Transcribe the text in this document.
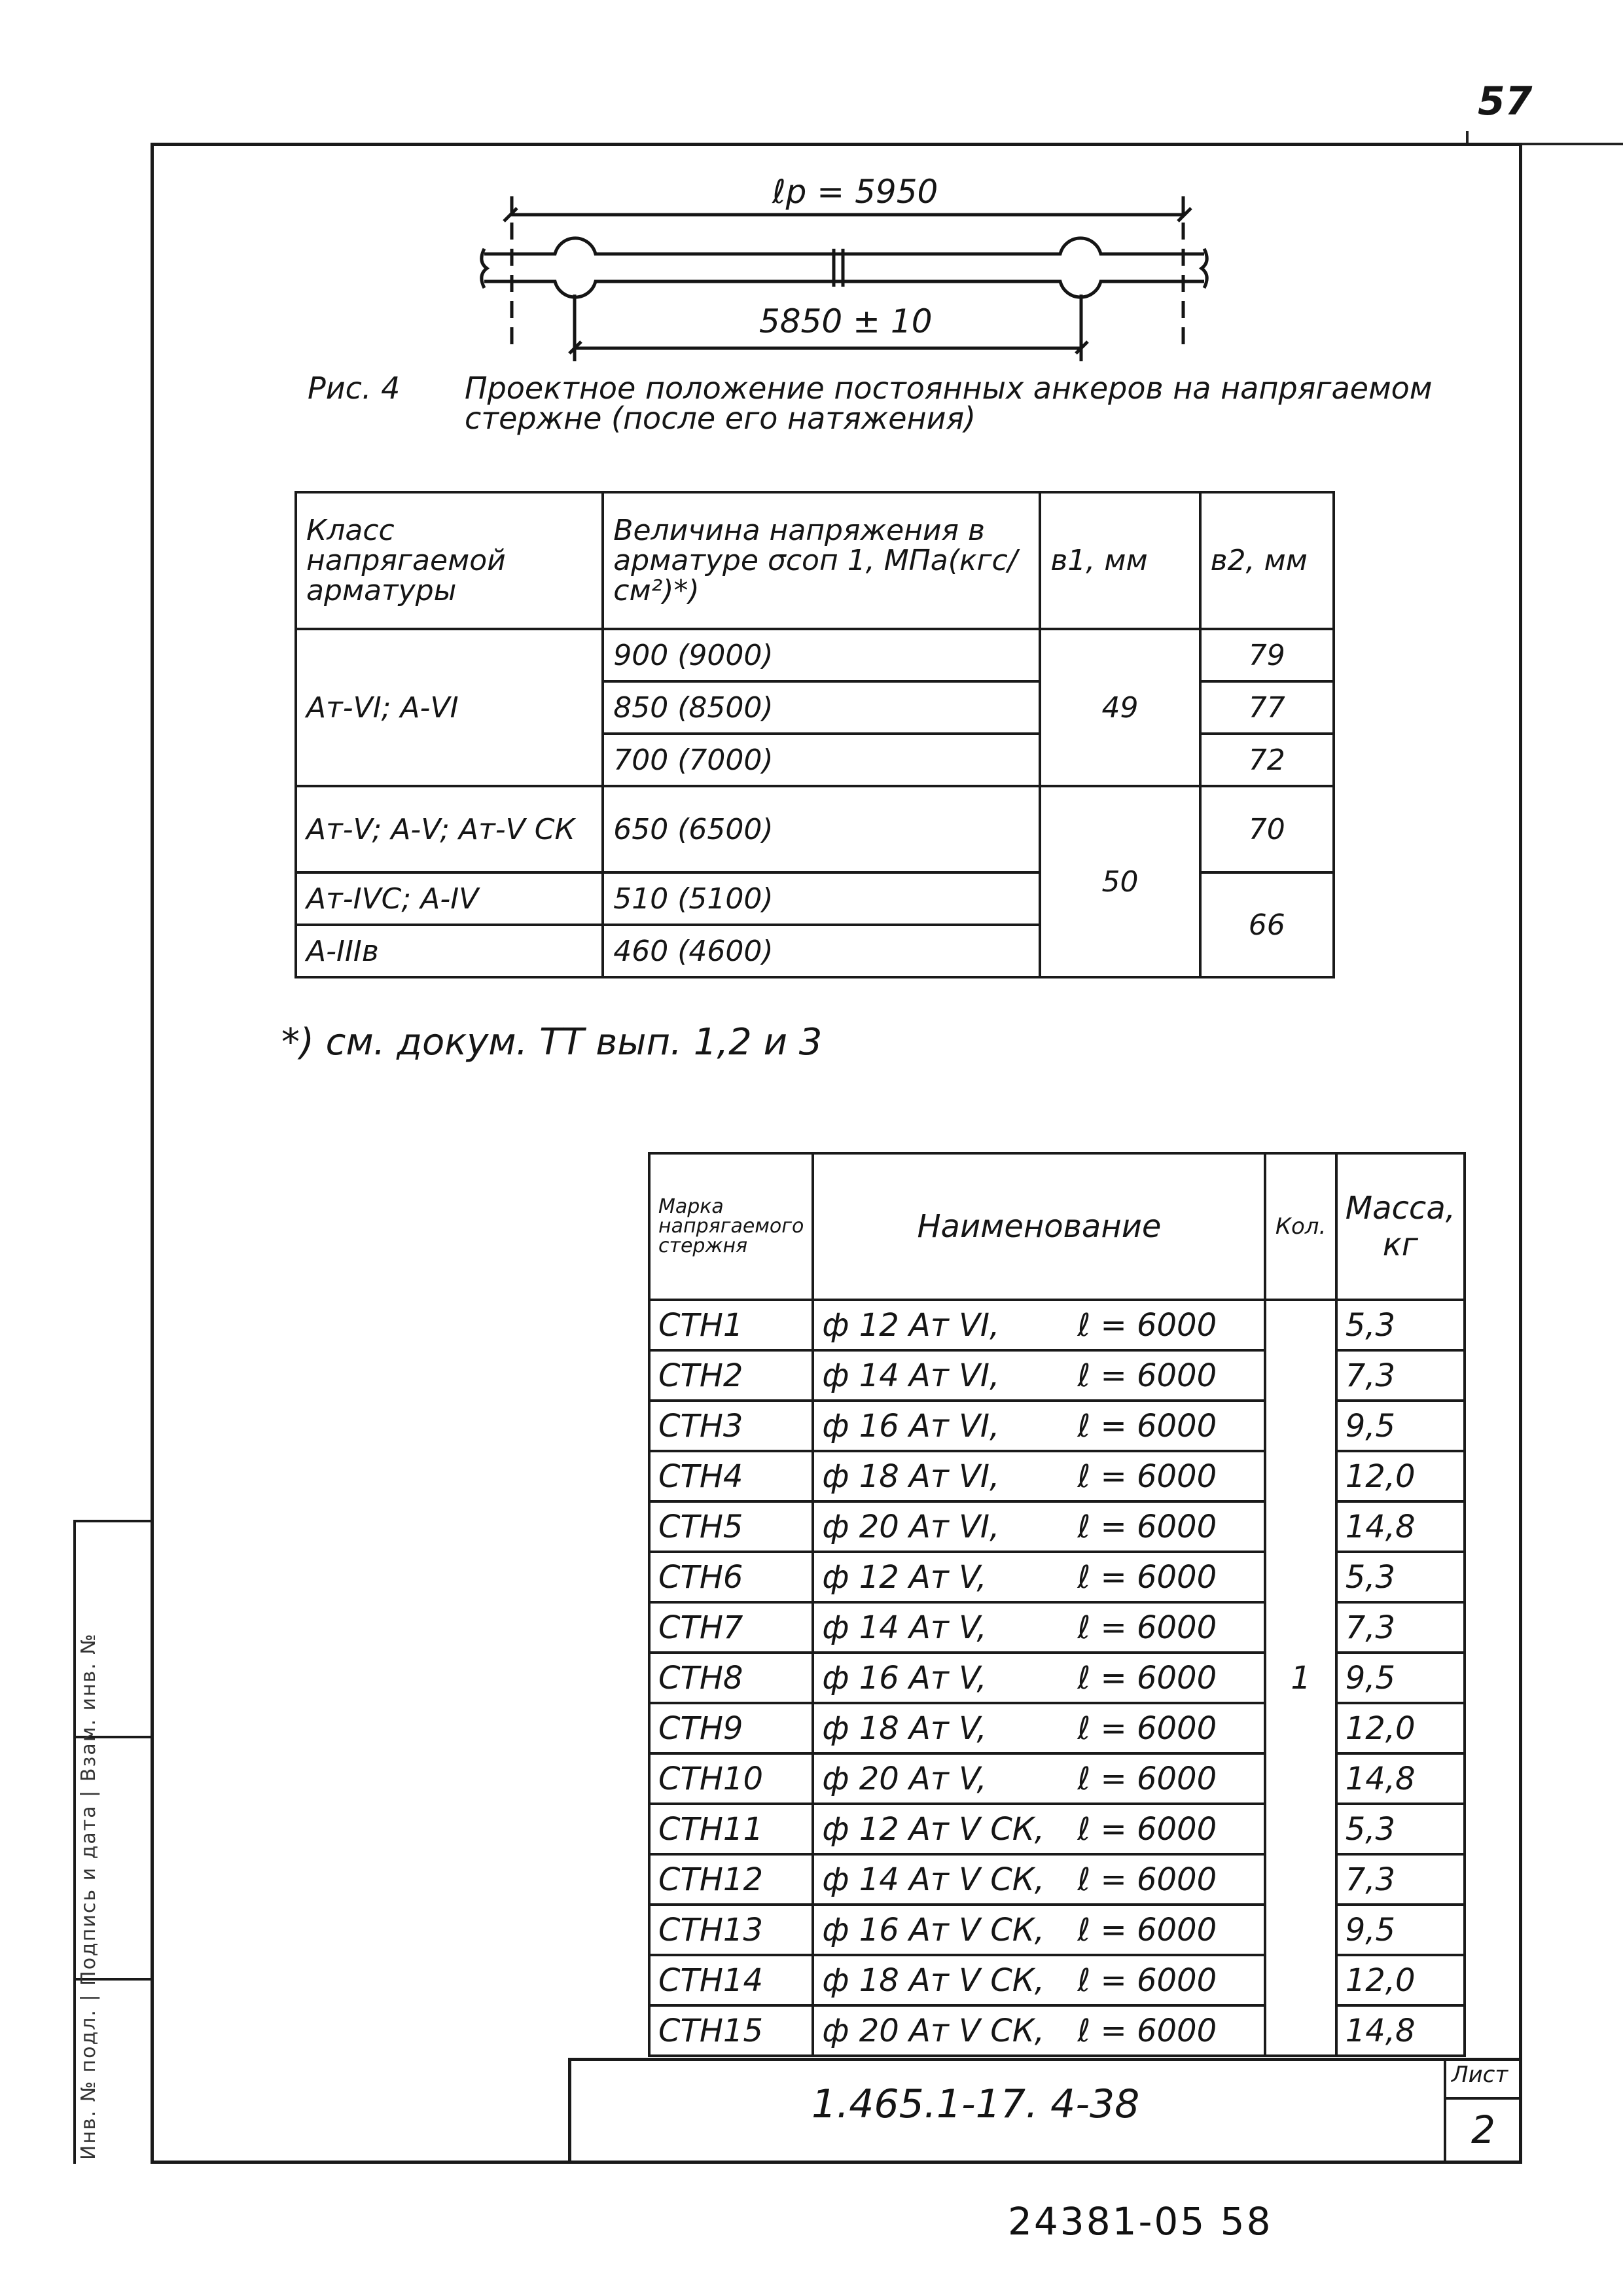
57
Инв. № подл. | Подпись и дата | Взам. инв. №
ℓр = 5950
5850 ± 10
Рис. 4 Проектное положение постоянных анкеров на напрягаемом стержне (после его натяжения)
Класс напрягаемой арматуры	Величина напряжения в арматуре σсоп 1, МПа(кгс/см²)*)	в1, мм	в2, мм
Ат-VI; А-VI	900 (9000)	49	79
	850 (8500)		77
	700 (7000)		72
Ат-V; А-V; Ат-V СК	650 (6500)	50	70
Ат-IVС; А-IV	510 (5100)		66
А-IIIв	460 (4600)		
*) см. докум. ТТ вып. 1,2 и 3
Марка напрягаемого стержня	Наименование	Кол.	Масса, кг
СТН1	ф 12 Ат VI, ℓ = 6000	1	5,3
СТН2	ф 14 Ат VI, ℓ = 6000		7,3
СТН3	ф 16 Ат VI, ℓ = 6000		9,5
СТН4	ф 18 Ат VI, ℓ = 6000		12,0
СТН5	ф 20 Ат VI, ℓ = 6000		14,8
СТН6	ф 12 Ат V, ℓ = 6000		5,3
СТН7	ф 14 Ат V, ℓ = 6000		7,3
СТН8	ф 16 Ат V, ℓ = 6000		9,5
СТН9	ф 18 Ат V, ℓ = 6000		12,0
СТН10	ф 20 Ат V, ℓ = 6000		14,8
СТН11	ф 12 Ат V СК, ℓ = 6000		5,3
СТН12	ф 14 Ат V СК, ℓ = 6000		7,3
СТН13	ф 16 Ат V СК, ℓ = 6000		9,5
СТН14	ф 18 Ат V СК, ℓ = 6000		12,0
СТН15	ф 20 Ат V СК, ℓ = 6000		14,8
1.465.1-17. 4-38
Лист
2
24381-05 58
